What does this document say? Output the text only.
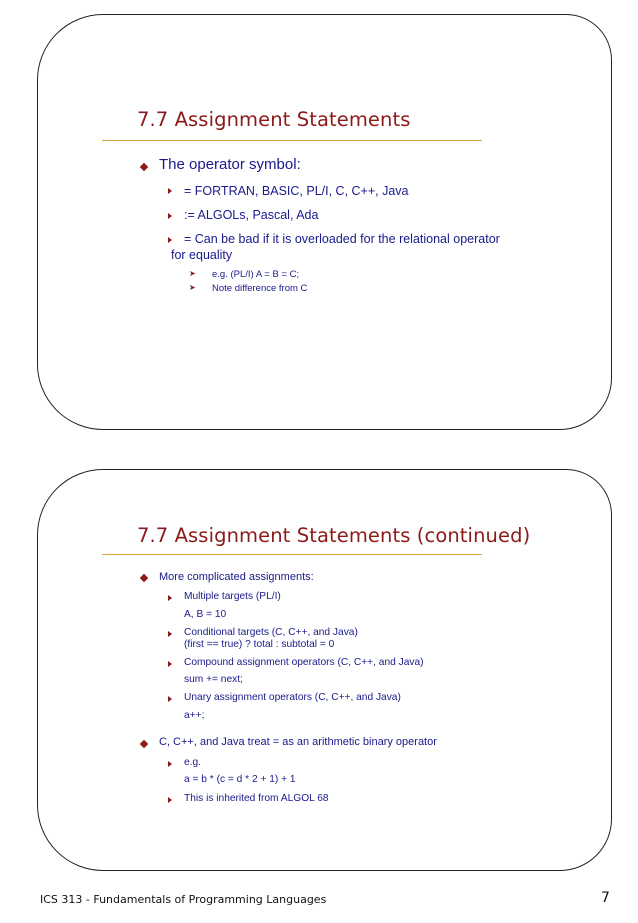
7.7 Assignment Statements
The operator symbol:
= FORTRAN, BASIC, PL/I, C, C++, Java
:= ALGOLs, Pascal, Ada
= Can be bad if it is overloaded for the relational operator
for equality
➤ e.g. (PL/I) A = B = C;
➤ Note difference from C
7.7 Assignment Statements (continued)
More complicated assignments:
Multiple targets (PL/I)
A, B = 10
Conditional targets (C, C++, and Java)
(first == true) ? total : subtotal = 0
Compound assignment operators (C, C++, and Java)
sum += next;
Unary assignment operators (C, C++, and Java)
a++;
C, C++, and Java treat = as an arithmetic binary operator
e.g.
a = b * (c = d * 2 + 1) + 1
This is inherited from ALGOL 68
ICS 313 - Fundamentals of Programming Languages	7
